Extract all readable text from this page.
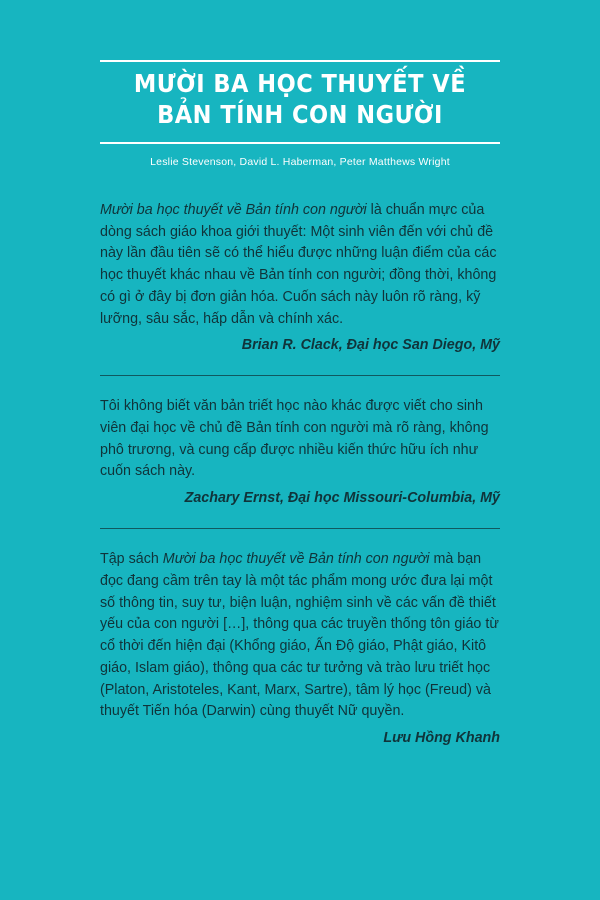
MƯỜI BA HỌC THUYẾT VỀ
BẢN TÍNH CON NGƯỜI
Leslie Stevenson, David L. Haberman, Peter Matthews Wright

Mười ba học thuyết về Bản tính con người là chuẩn mực của dòng sách giáo khoa giới thuyết: Một sinh viên đến với chủ đề này lần đầu tiên sẽ có thể hiểu được những luận điểm của các học thuyết khác nhau về Bản tính con người; đồng thời, không có gì ở đây bị đơn giản hóa. Cuốn sách này luôn rõ ràng, kỹ lưỡng, sâu sắc, hấp dẫn và chính xác.

Brian R. Clack, Đại học San Diego, Mỹ

Tôi không biết văn bản triết học nào khác được viết cho sinh viên đại học về chủ đề Bản tính con người mà rõ ràng, không phô trương, và cung cấp được nhiều kiến thức hữu ích như cuốn sách này.

Zachary Ernst, Đại học Missouri-Columbia, Mỹ

Tập sách Mười ba học thuyết về Bản tính con người mà bạn đọc đang cầm trên tay là một tác phẩm mong ước đưa lại một số thông tin, suy tư, biện luận, nghiệm sinh về các vấn đề thiết yếu của con người […], thông qua các truyền thống tôn giáo từ cổ thời đến hiện đại (Khổng giáo, Ấn Độ giáo, Phật giáo, Kitô giáo, Islam giáo), thông qua các tư tưởng và trào lưu triết học (Platon, Aristoteles, Kant, Marx, Sartre), tâm lý học (Freud) và thuyết Tiến hóa (Darwin) cùng thuyết Nữ quyền.

Lưu Hồng Khanh
